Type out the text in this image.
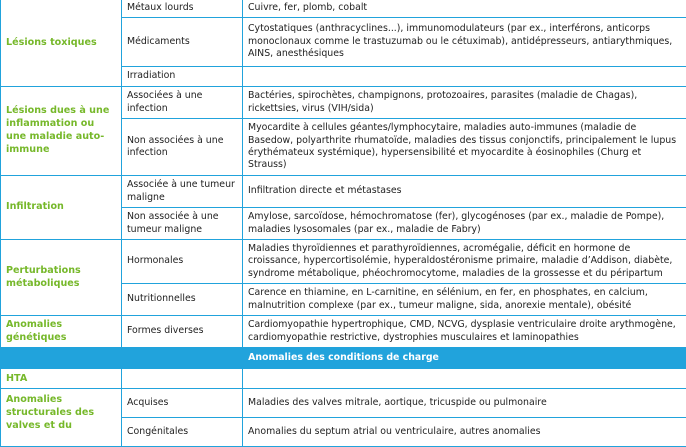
Lésions toxiques	Métaux lourds	Cuivre, fer, plomb, cobalt
	Médicaments	Cytostatiques (anthracyclines...), immunomodulateurs (par ex., interférons, anticorps monoclonaux comme le trastuzumab ou le cétuximab), antidépresseurs, antiarythmiques, AINS, anesthésiques
	Irradiation	
Lésions dues à une inflammation ou une maladie auto-immune	Associées à une infection	Bactéries, spirochètes, champignons, protozoaires, parasites (maladie de Chagas), rickettsies, virus (VIH/sida)
	Non associées à une infection	Myocardite à cellules géantes/lymphocytaire, maladies auto-immunes (maladie de Basedow, polyarthrite rhumatoïde, maladies des tissus conjonctifs, principalement le lupus érythémateux systémique), hypersensibilité et myocardite à éosinophiles (Churg et Strauss)
Infiltration	Associée à une tumeur maligne	Infiltration directe et métastases
	Non associée à une tumeur maligne	Amylose, sarcoïdose, hémochromatose (fer), glycogénoses (par ex., maladie de Pompe), maladies lysosomales (par ex., maladie de Fabry)
Perturbations métaboliques	Hormonales	Maladies thyroïdiennes et parathyroïdiennes, acromégalie, déficit en hormone de croissance, hypercortisolémie, hyperaldostéronisme primaire, maladie d’Addison, diabète, syndrome métabolique, phéochromocytome, maladies de la grossesse et du péripartum
	Nutritionnelles	Carence en thiamine, en L-carnitine, en sélénium, en fer, en phosphates, en calcium, malnutrition complexe (par ex., tumeur maligne, sida, anorexie mentale), obésité
Anomalies génétiques	Formes diverses	Cardiomyopathie hypertrophique, CMD, NCVG, dysplasie ventriculaire droite arythmogène, cardiomyopathie restrictive, dystrophies musculaires et laminopathies
Anomalies des conditions de charge		
HTA		
Anomalies structurales des valves et du	Acquises	Maladies des valves mitrale, aortique, tricuspide ou pulmonaire
	Congénitales	Anomalies du septum atrial ou ventriculaire, autres anomalies
